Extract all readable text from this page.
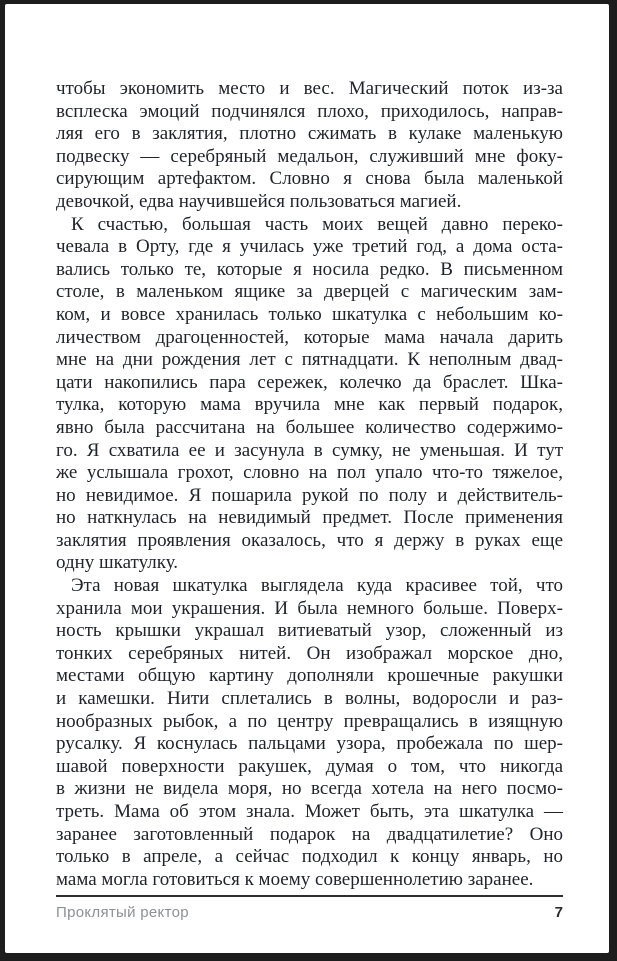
чтобы экономить место и вес. Магический поток из-за
всплеска эмоций подчинялся плохо, приходилось, направ-
ляя его в заклятия, плотно сжимать в кулаке маленькую
подвеску — серебряный медальон, служивший мне фоку-
сирующим артефактом. Словно я снова была маленькой
девочкой, едва научившейся пользоваться магией.
К счастью, большая часть моих вещей давно переко-
чевала в Орту, где я училась уже третий год, а дома оста-
вались только те, которые я носила редко. В письменном
столе, в маленьком ящике за дверцей с магическим зам-
ком, и вовсе хранилась только шкатулка с небольшим ко-
личеством драгоценностей, которые мама начала дарить
мне на дни рождения лет с пятнадцати. К неполным двад-
цати накопились пара сережек, колечко да браслет. Шка-
тулка, которую мама вручила мне как первый подарок,
явно была рассчитана на большее количество содержимо-
го. Я схватила ее и засунула в сумку, не уменьшая. И тут
же услышала грохот, словно на пол упало что-то тяжелое,
но невидимое. Я пошарила рукой по полу и действитель-
но наткнулась на невидимый предмет. После применения
заклятия проявления оказалось, что я держу в руках еще
одну шкатулку.
Эта новая шкатулка выглядела куда красивее той, что
хранила мои украшения. И была немного больше. Поверх-
ность крышки украшал витиеватый узор, сложенный из
тонких серебряных нитей. Он изображал морское дно,
местами общую картину дополняли крошечные ракушки
и камешки. Нити сплетались в волны, водоросли и раз-
нообразных рыбок, а по центру превращались в изящную
русалку. Я коснулась пальцами узора, пробежала по шер-
шавой поверхности ракушек, думая о том, что никогда
в жизни не видела моря, но всегда хотела на него посмо-
треть. Мама об этом знала. Может быть, эта шкатулка —
заранее заготовленный подарок на двадцатилетие? Оно
только в апреле, а сейчас подходил к концу январь, но
мама могла готовиться к моему совершеннолетию заранее.
Проклятый ректор	7
